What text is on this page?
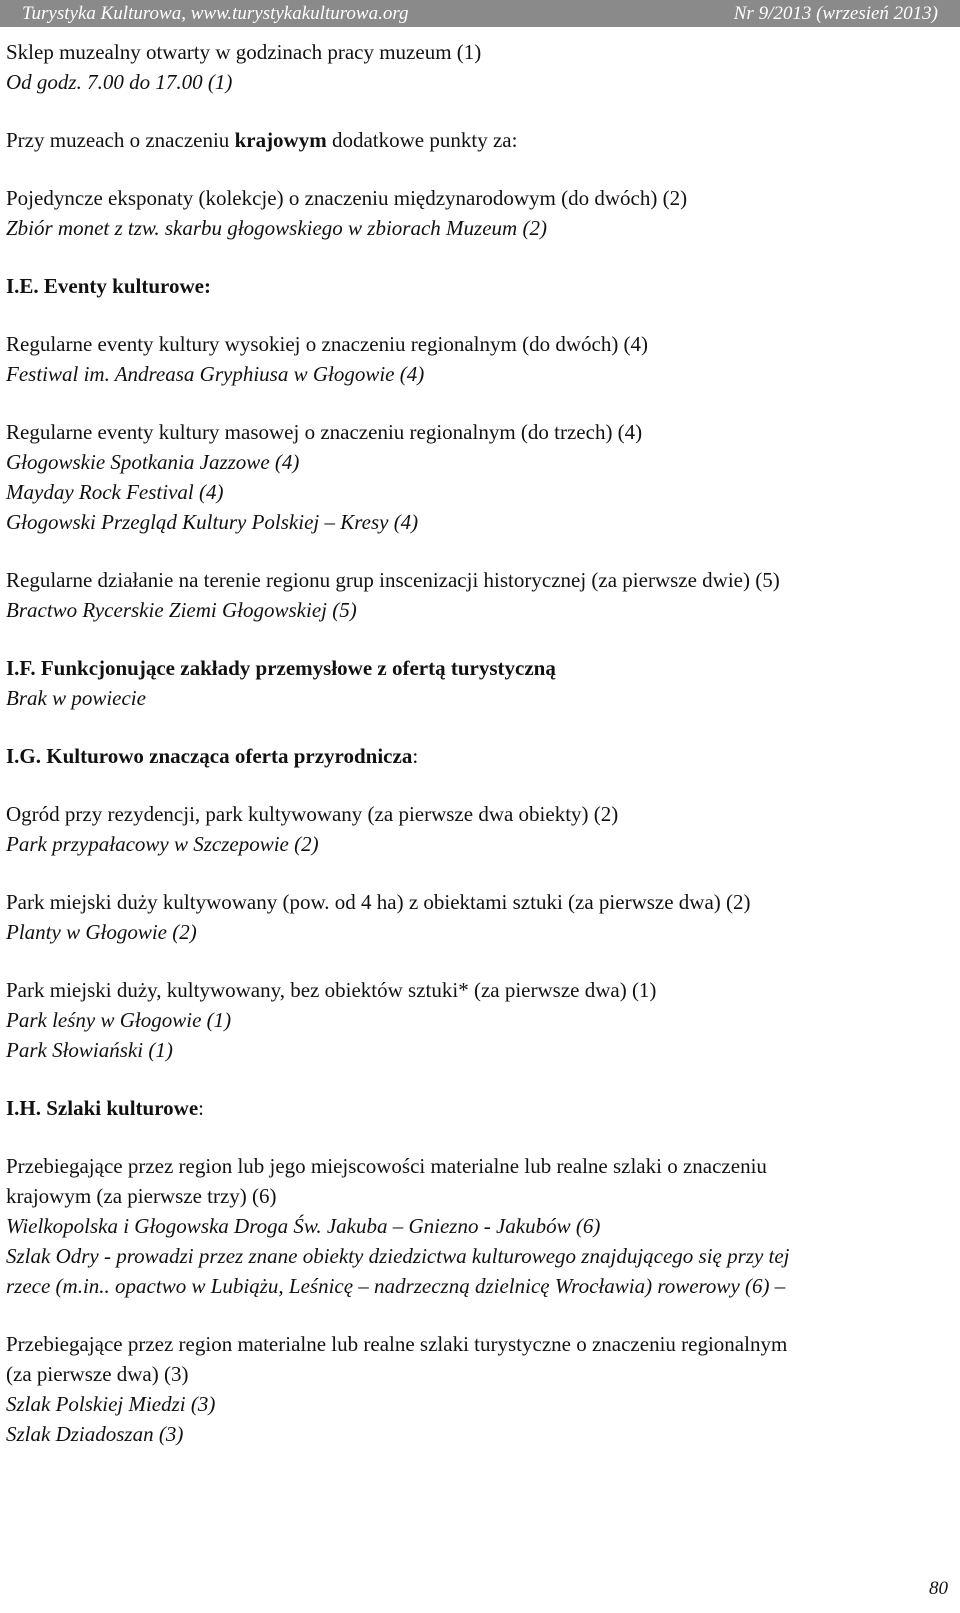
Turystyka Kulturowa, www.turystykakulturowa.org	Nr 9/2013 (wrzesień 2013)
Sklep muzealny otwarty w godzinach pracy muzeum (1)
Od godz. 7.00 do 17.00 (1)
Przy muzeach o znaczeniu krajowym dodatkowe punkty za:
Pojedyncze eksponaty (kolekcje) o znaczeniu międzynarodowym (do dwóch) (2)
Zbiór monet z tzw. skarbu głogowskiego w zbiorach Muzeum (2)
I.E. Eventy kulturowe:
Regularne eventy kultury wysokiej o znaczeniu regionalnym (do dwóch) (4)
Festiwal im. Andreasa Gryphiusa w Głogowie (4)
Regularne eventy kultury masowej o znaczeniu regionalnym (do trzech) (4)
Głogowskie Spotkania Jazzowe (4)
Mayday Rock Festival (4)
Głogowski Przegląd Kultury Polskiej – Kresy (4)
Regularne działanie na terenie regionu grup inscenizacji historycznej (za pierwsze dwie) (5)
Bractwo Rycerskie Ziemi Głogowskiej (5)
I.F. Funkcjonujące zakłady przemysłowe z ofertą turystyczną
Brak w powiecie
I.G. Kulturowo znacząca oferta przyrodnicza:
Ogród przy rezydencji, park kultywowany (za pierwsze dwa obiekty) (2)
Park przypałacowy w Szczepowie (2)
Park miejski duży kultywowany (pow. od 4 ha) z obiektami sztuki (za pierwsze dwa) (2)
Planty w Głogowie (2)
Park miejski duży, kultywowany, bez obiektów sztuki* (za pierwsze dwa) (1)
Park leśny w Głogowie (1)
Park Słowiański (1)
I.H. Szlaki kulturowe:
Przebiegające przez region lub jego miejscowości materialne lub realne szlaki o znaczeniu
krajowym (za pierwsze trzy) (6)
Wielkopolska i Głogowska Droga Św. Jakuba – Gniezno - Jakubów (6)
Szlak Odry - prowadzi przez znane obiekty dziedzictwa kulturowego znajdującego się przy tej
rzece (m.in.. opactwo w Lubiążu, Leśnicę – nadrzeczną dzielnicę Wrocławia) rowerowy (6) –
Przebiegające przez region materialne lub realne szlaki turystyczne o znaczeniu regionalnym
(za pierwsze dwa) (3)
Szlak Polskiej Miedzi (3)
Szlak Dziadoszan (3)
80
